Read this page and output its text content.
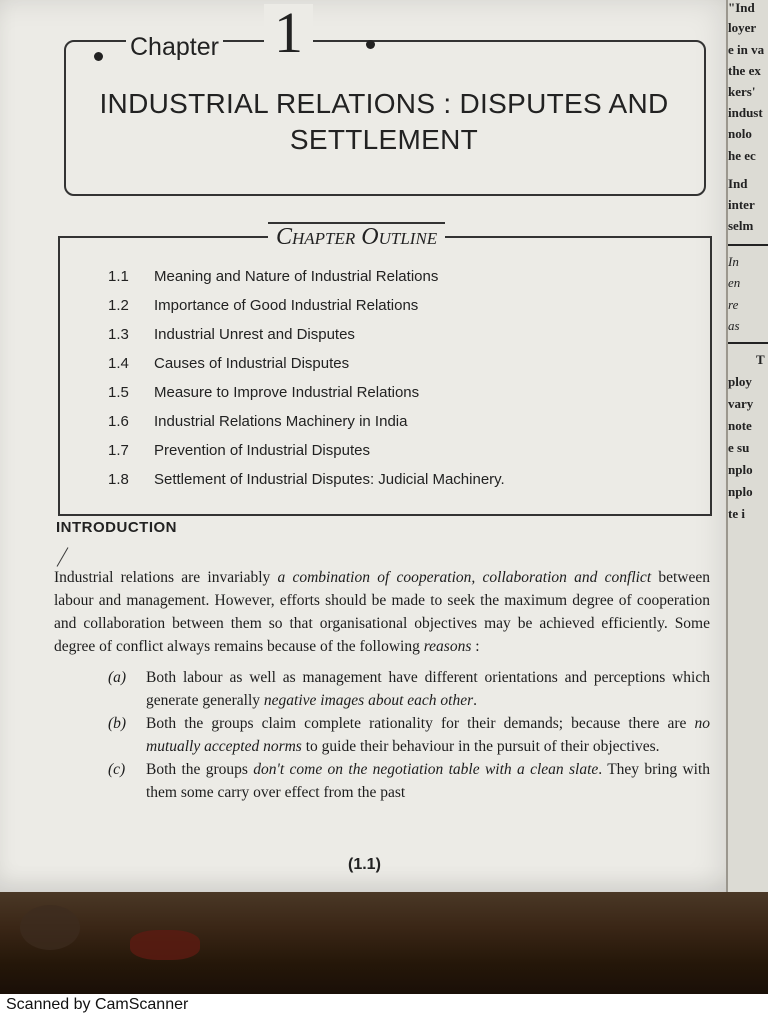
"Ind
loyer
e in va
the ex
kers'
indust
nolo
he ec
Ind
inter
selm
In
en
re
as
T
ploy
vary
note
e su
nplo
nplo
te i
Chapter 1
INDUSTRIAL RELATIONS : DISPUTES AND
SETTLEMENT
Chapter Outline
1.1	Meaning and Nature of Industrial Relations
1.2	Importance of Good Industrial Relations
1.3	Industrial Unrest and Disputes
1.4	Causes of Industrial Disputes
1.5	Measure to Improve Industrial Relations
1.6	Industrial Relations Machinery in India
1.7	Prevention of Industrial Disputes
1.8	Settlement of Industrial Disputes: Judicial Machinery.
INTRODUCTION

Industrial relations are invariably a combination of cooperation, collaboration and conflict between labour and management. However, efforts should be made to seek the maximum degree of cooperation and collaboration between them so that organisational objectives may be achieved efficiently. Some degree of conflict always remains because of the following reasons :

(a)	Both labour as well as management have different orientations and perceptions which generate generally negative images about each other.
(b)	Both the groups claim complete rationality for their demands; because there are no mutually accepted norms to guide their behaviour in the pursuit of their objectives.
(c)	Both the groups don't come on the negotiation table with a clean slate. They bring with them some carry over effect from the past
(1.1)
Scanned by CamScanner
